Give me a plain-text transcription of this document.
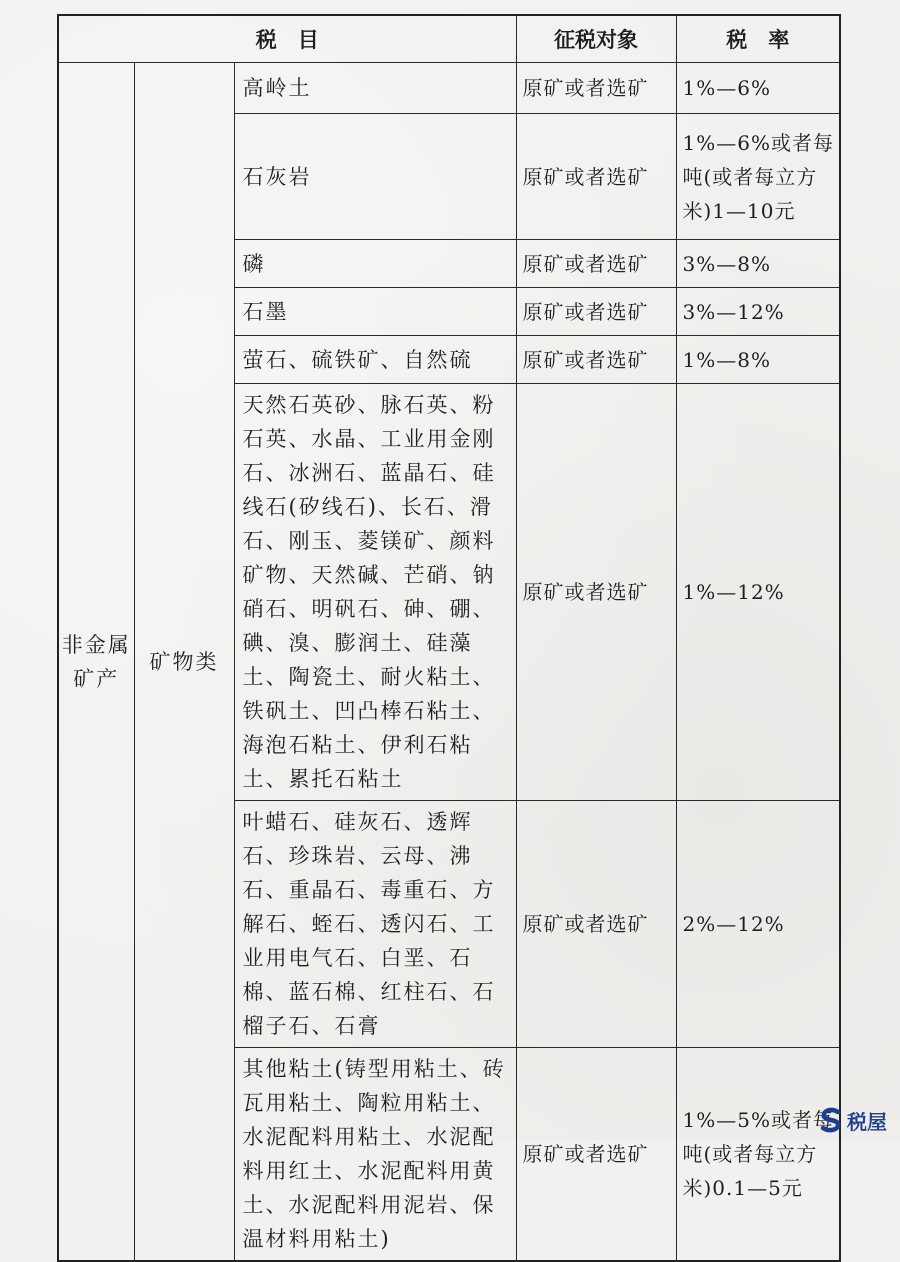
税　目			征税对象	税　率
非金属矿产	矿物类	高岭土	原矿或者选矿	1%—6%
		石灰岩	原矿或者选矿	1%—6%或者每吨(或者每立方米)1—10元
		磷	原矿或者选矿	3%—8%
		石墨	原矿或者选矿	3%—12%
		萤石、硫铁矿、自然硫	原矿或者选矿	1%—8%
		天然石英砂、脉石英、粉石英、水晶、工业用金刚石、冰洲石、蓝晶石、硅线石(矽线石)、长石、滑石、刚玉、菱镁矿、颜料矿物、天然碱、芒硝、钠硝石、明矾石、砷、硼、碘、溴、膨润土、硅藻土、陶瓷土、耐火粘土、铁矾土、凹凸棒石粘土、海泡石粘土、伊利石粘土、累托石粘土	原矿或者选矿	1%—12%
		叶蜡石、硅灰石、透辉石、珍珠岩、云母、沸石、重晶石、毒重石、方解石、蛭石、透闪石、工业用电气石、白垩、石棉、蓝石棉、红柱石、石榴子石、石膏	原矿或者选矿	2%—12%
		其他粘土(铸型用粘土、砖瓦用粘土、陶粒用粘土、水泥配料用粘土、水泥配料用红土、水泥配料用黄土、水泥配料用泥岩、保温材料用粘土)	原矿或者选矿	1%—5%或者每吨(或者每立方米)0.1—5元
税屋
